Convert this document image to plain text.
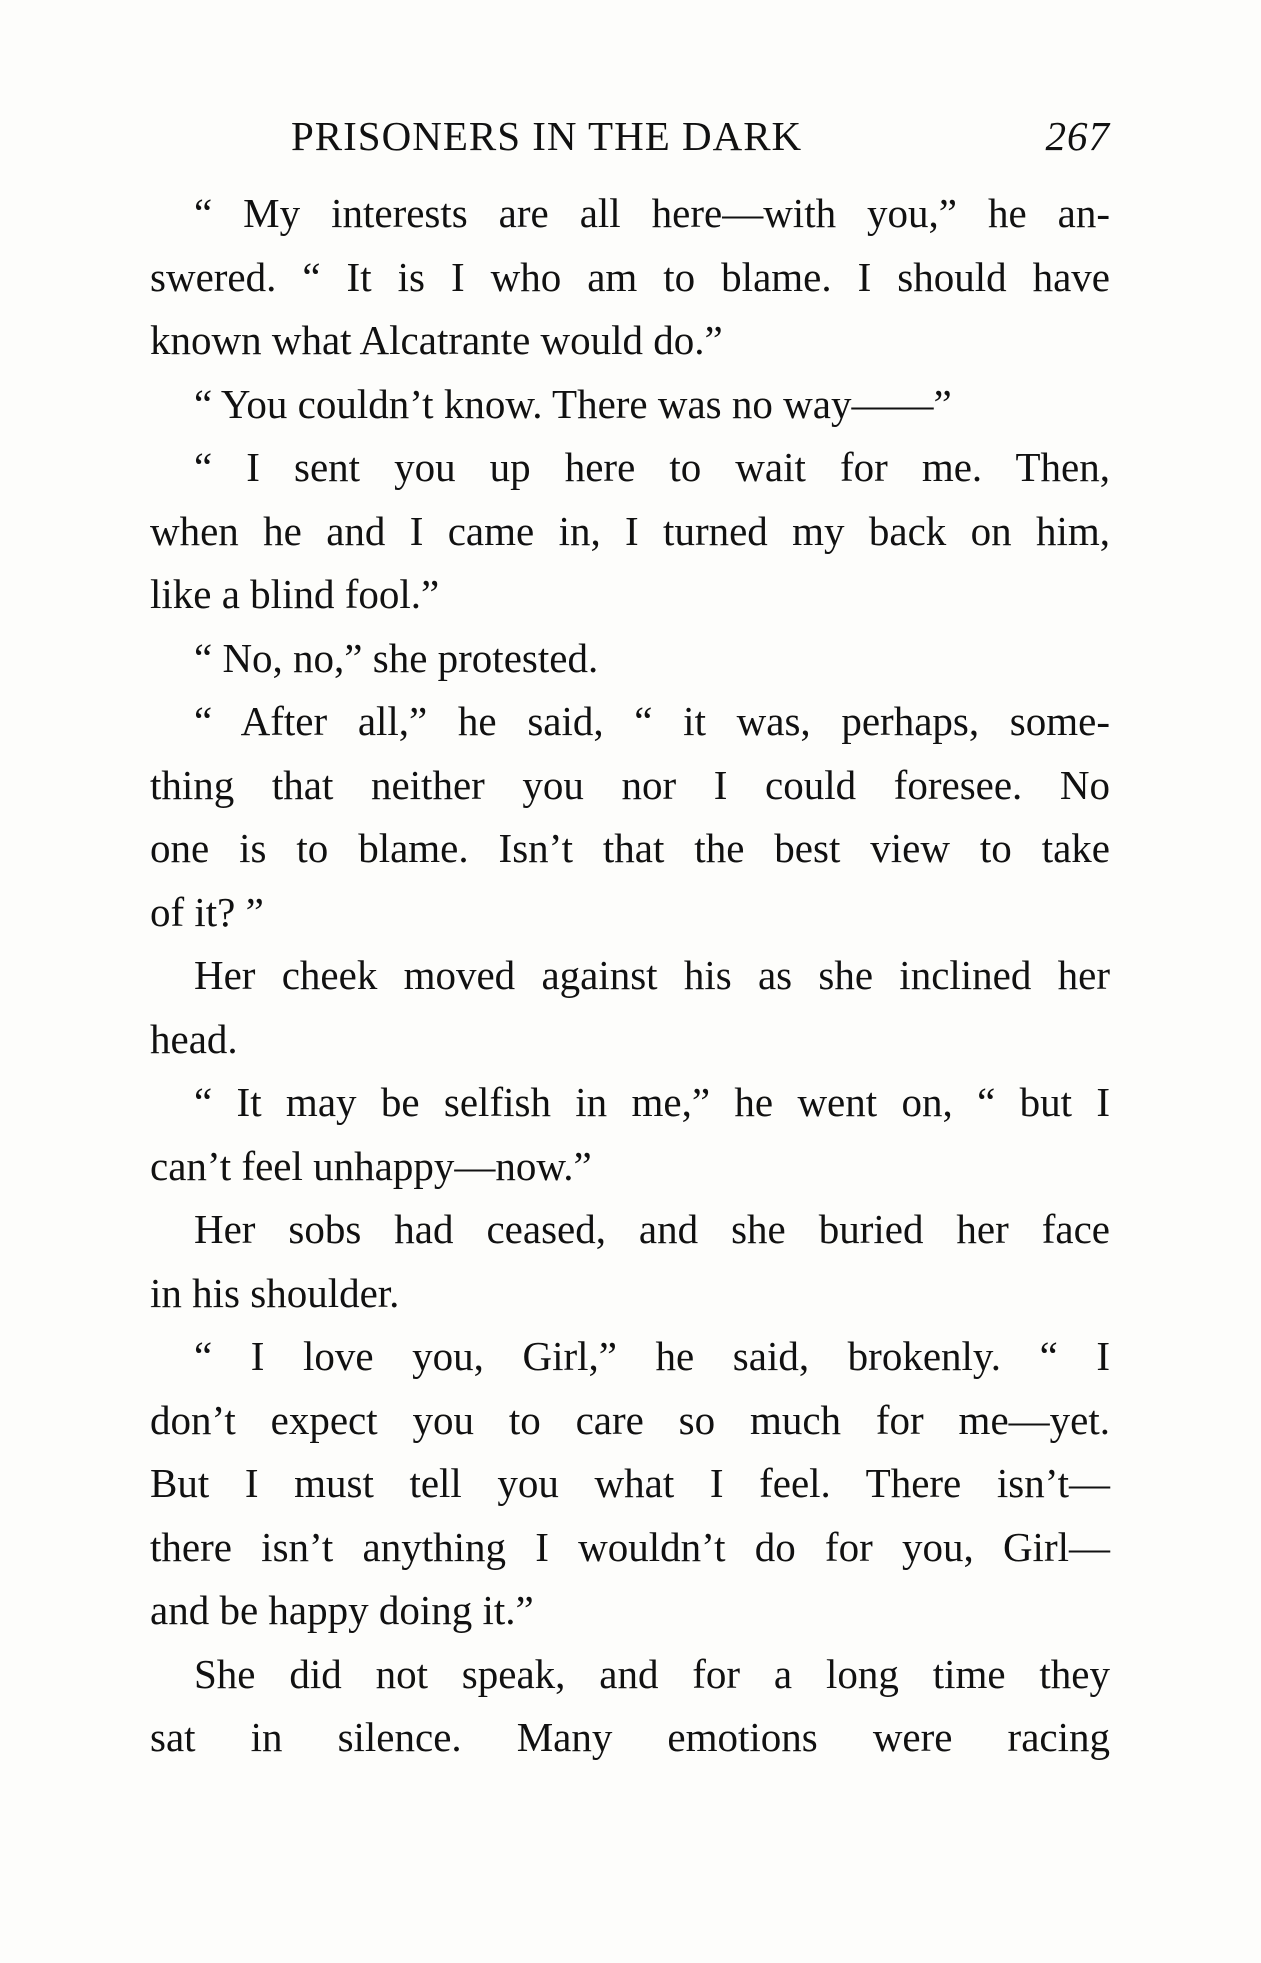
PRISONERS IN THE DARK	267

“ My interests are all here—with you,” he an-
swered. “ It is I who am to blame. I should have
known what Alcatrante would do.”

“ You couldn’t know. There was no way——”

“ I sent you up here to wait for me. Then,
when he and I came in, I turned my back on him,
like a blind fool.”

“ No, no,” she protested.

“ After all,” he said, “ it was, perhaps, some-
thing that neither you nor I could foresee. No
one is to blame. Isn’t that the best view to take
of it? ”

Her cheek moved against his as she inclined her
head.

“ It may be selfish in me,” he went on, “ but I
can’t feel unhappy—now.”

Her sobs had ceased, and she buried her face
in his shoulder.

“ I love you, Girl,” he said, brokenly. “ I
don’t expect you to care so much for me—yet.
But I must tell you what I feel. There isn’t—
there isn’t anything I wouldn’t do for you, Girl—
and be happy doing it.”

She did not speak, and for a long time they
sat in silence. Many emotions were racing
